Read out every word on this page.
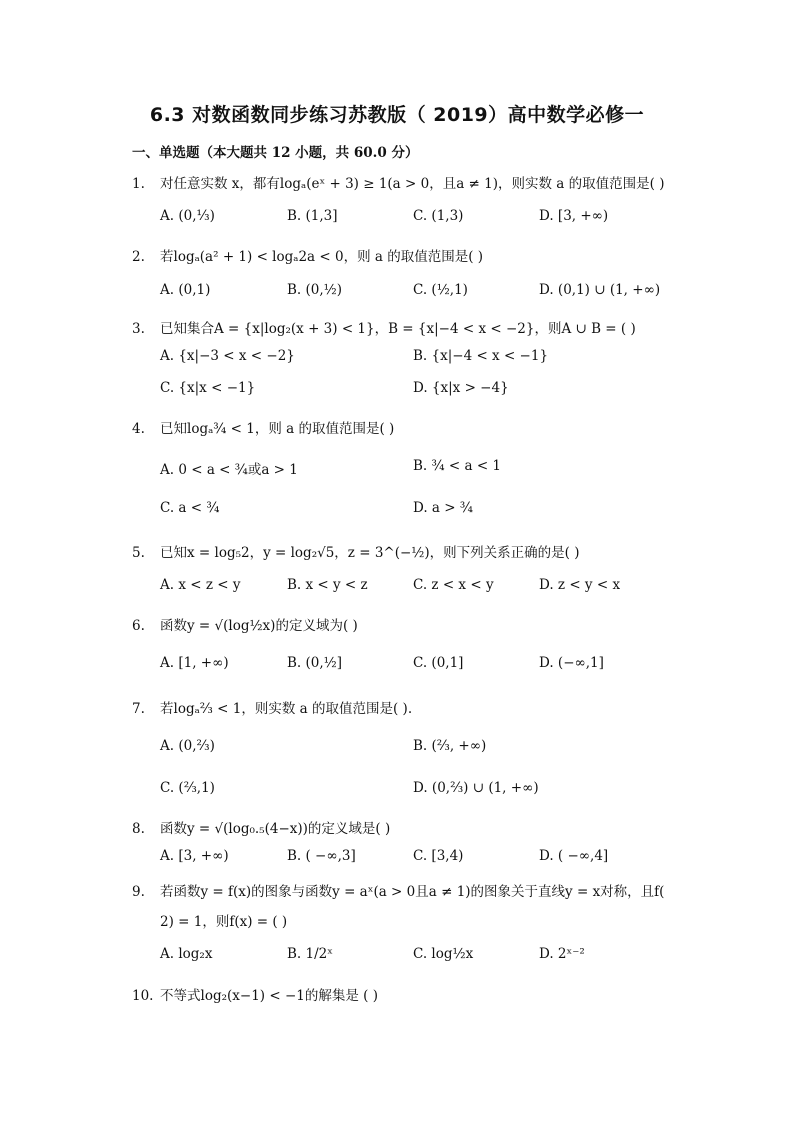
6.3 对数函数同步练习苏教版（ 2019）高中数学必修一
一、单选题（本大题共 12 小题，共 60.0 分）
1. 对任意实数 x，都有logₐ(eˣ + 3) ≥ 1(a > 0，且a ≠ 1)，则实数 a 的取值范围是( )
A. (0,⅓)	B. (1,3]	C. (1,3)	D. [3, +∞)
2. 若logₐ(a² + 1) < logₐ2a < 0，则 a 的取值范围是( )
A. (0,1)	B. (0,½)	C. (½,1)	D. (0,1) ∪ (1, +∞)
3. 已知集合A = {x|log₂(x + 3) < 1}，B = {x|−4 < x < −2}，则A ∪ B = ( )
A. {x|−3 < x < −2}	B. {x|−4 < x < −1}
C. {x|x < −1}	D. {x|x > −4}
4. 已知logₐ¾ < 1，则 a 的取值范围是( )
A. 0 < a < ¾或a > 1	B. ¾ < a < 1
C. a < ¾	D. a > ¾
5. 已知x = log₅2，y = log₂√5，z = 3^(−½)，则下列关系正确的是( )
A. x < z < y	B. x < y < z	C. z < x < y	D. z < y < x
6. 函数y = √(log½x)的定义域为( )
A. [1, +∞)	B. (0,½]	C. (0,1]	D. (−∞,1]
7. 若logₐ⅔ < 1，则实数 a 的取值范围是( ).
A. (0,⅔)	B. (⅔, +∞)
C. (⅔,1)	D. (0,⅔) ∪ (1, +∞)
8. 函数y = √(log₀.₅(4−x))的定义域是( )
A. [3, +∞)	B. ( −∞,3]	C. [3,4)	D. ( −∞,4]
9. 若函数y = f(x)的图象与函数y = aˣ(a > 0且a ≠ 1)的图象关于直线y = x对称，且f(
2) = 1，则f(x) = ( )
A. log₂x	B. 1/2ˣ	C. log½x	D. 2ˣ⁻²
10. 不等式log₂(x−1) < −1的解集是 ( )
